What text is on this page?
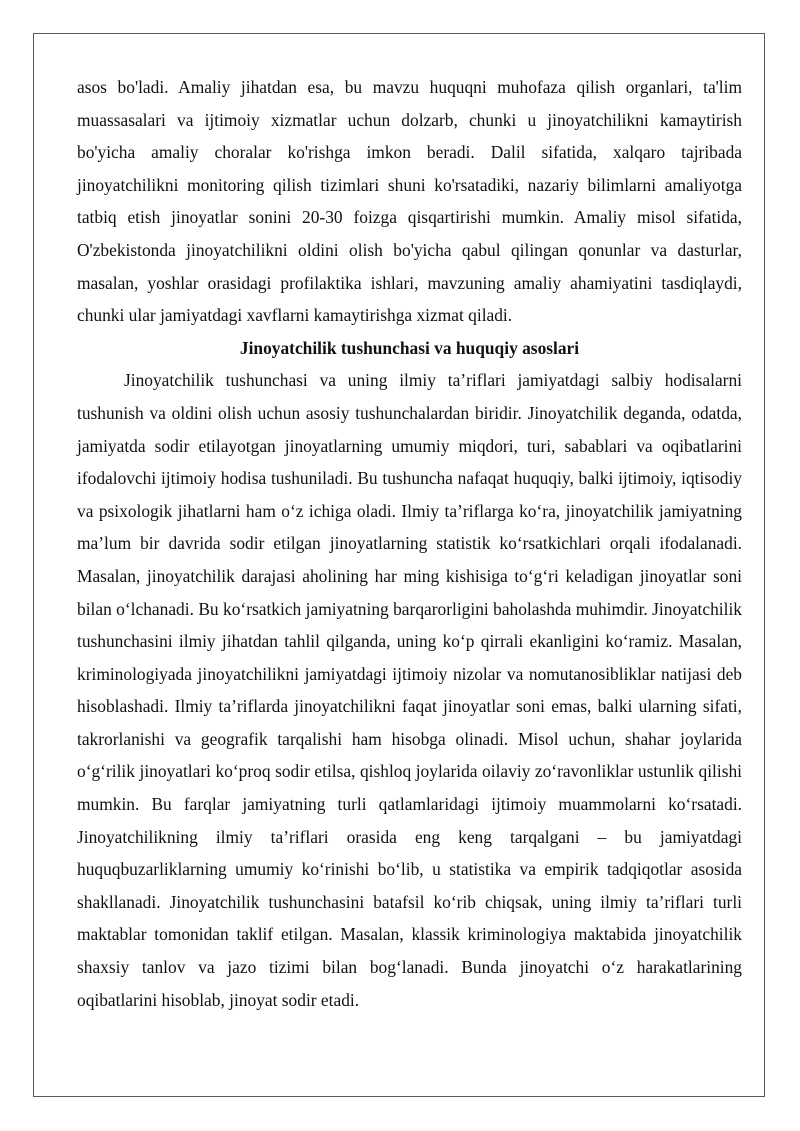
asos bo'ladi. Amaliy jihatdan esa, bu mavzu huquqni muhofaza qilish organlari, ta'lim muassasalari va ijtimoiy xizmatlar uchun dolzarb, chunki u jinoyatchilikni kamaytirish bo'yicha amaliy choralar ko'rishga imkon beradi. Dalil sifatida, xalqaro tajribada jinoyatchilikni monitoring qilish tizimlari shuni ko'rsatadiki, nazariy bilimlarni amaliyotga tatbiq etish jinoyatlar sonini 20-30 foizga qisqartirishi mumkin. Amaliy misol sifatida, O'zbekistonda jinoyatchilikni oldini olish bo'yicha qabul qilingan qonunlar va dasturlar, masalan, yoshlar orasidagi profilaktika ishlari, mavzuning amaliy ahamiyatini tasdiqlaydi, chunki ular jamiyatdagi xavflarni kamaytirishga xizmat qiladi.

Jinoyatchilik tushunchasi va huquqiy asoslari

Jinoyatchilik tushunchasi va uning ilmiy ta’riflari jamiyatdagi salbiy hodisalarni tushunish va oldini olish uchun asosiy tushunchalardan biridir. Jinoyatchilik deganda, odatda, jamiyatda sodir etilayotgan jinoyatlarning umumiy miqdori, turi, sabablari va oqibatlarini ifodalovchi ijtimoiy hodisa tushuniladi. Bu tushuncha nafaqat huquqiy, balki ijtimoiy, iqtisodiy va psixologik jihatlarni ham o‘z ichiga oladi. Ilmiy ta’riflarga ko‘ra, jinoyatchilik jamiyatning ma’lum bir davrida sodir etilgan jinoyatlarning statistik ko‘rsatkichlari orqali ifodalanadi. Masalan, jinoyatchilik darajasi aholining har ming kishisiga to‘g‘ri keladigan jinoyatlar soni bilan o‘lchanadi. Bu ko‘rsatkich jamiyatning barqarorligini baholashda muhimdir. Jinoyatchilik tushunchasini ilmiy jihatdan tahlil qilganda, uning ko‘p qirrali ekanligini ko‘ramiz. Masalan, kriminologiyada jinoyatchilikni jamiyatdagi ijtimoiy nizolar va nomutanosibliklar natijasi deb hisoblashadi. Ilmiy ta’riflarda jinoyatchilikni faqat jinoyatlar soni emas, balki ularning sifati, takrorlanishi va geografik tarqalishi ham hisobga olinadi. Misol uchun, shahar joylarida o‘g‘rilik jinoyatlari ko‘proq sodir etilsa, qishloq joylarida oilaviy zo‘ravonliklar ustunlik qilishi mumkin. Bu farqlar jamiyatning turli qatlamlaridagi ijtimoiy muammolarni ko‘rsatadi. Jinoyatchilikning ilmiy ta’riflari orasida eng keng tarqalgani – bu jamiyatdagi huquqbuzarliklarning umumiy ko‘rinishi bo‘lib, u statistika va empirik tadqiqotlar asosida shakllanadi. Jinoyatchilik tushunchasini batafsil ko‘rib chiqsak, uning ilmiy ta’riflari turli maktablar tomonidan taklif etilgan. Masalan, klassik kriminologiya maktabida jinoyatchilik shaxsiy tanlov va jazo tizimi bilan bog‘lanadi. Bunda jinoyatchi o‘z harakatlarining oqibatlarini hisoblab, jinoyat sodir etadi.
